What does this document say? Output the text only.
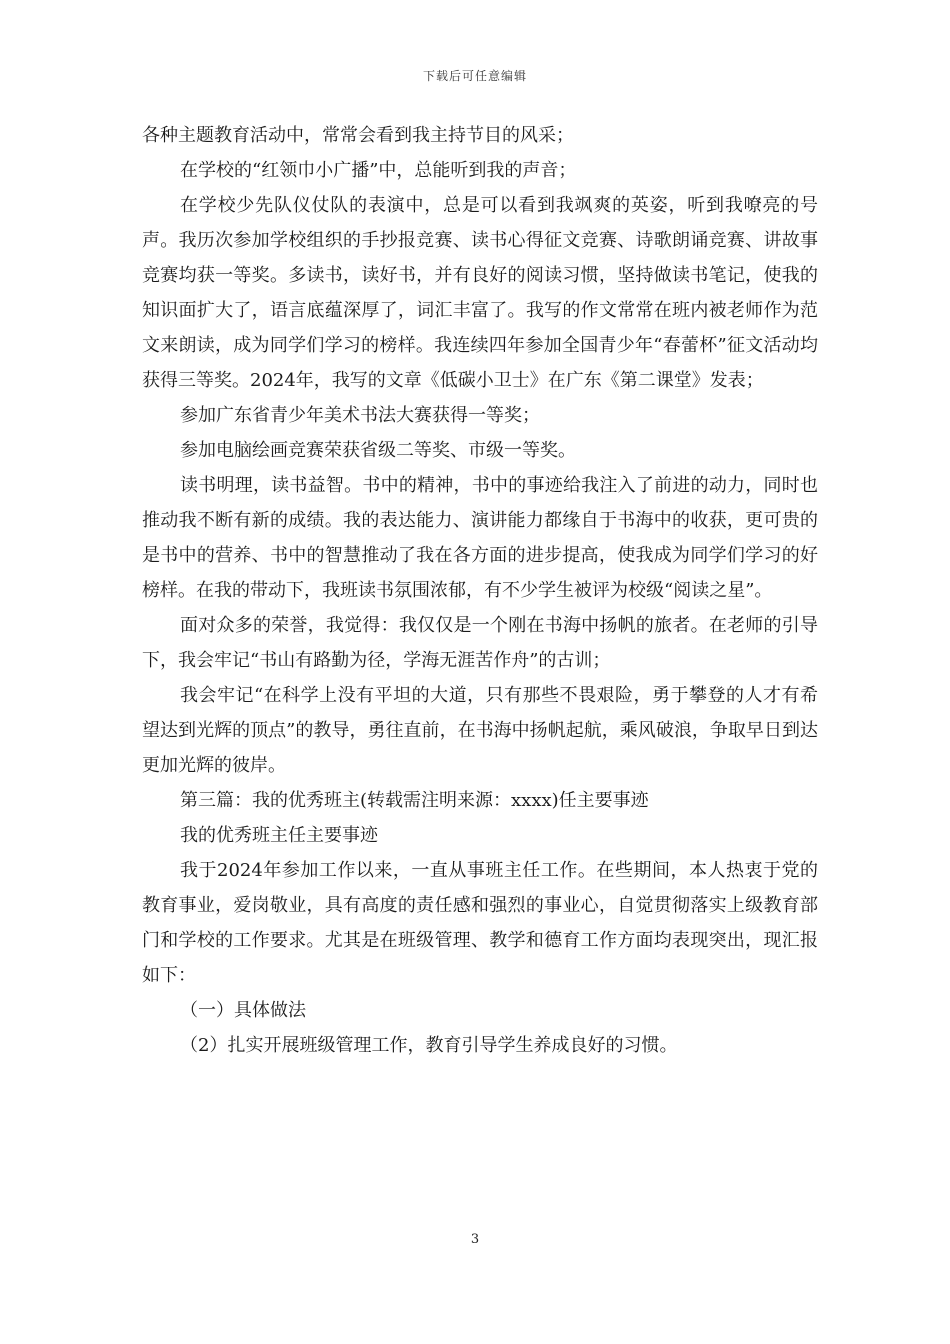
下载后可任意编辑

各种主题教育活动中，常常会看到我主持节目的风采；

在学校的“红领巾小广播”中，总能听到我的声音；

在学校少先队仪仗队的表演中，总是可以看到我飒爽的英姿，听到我嘹亮的号声。我历次参加学校组织的手抄报竞赛、读书心得征文竞赛、诗歌朗诵竞赛、讲故事竞赛均获一等奖。多读书，读好书，并有良好的阅读习惯，坚持做读书笔记，使我的知识面扩大了，语言底蕴深厚了，词汇丰富了。我写的作文常常在班内被老师作为范文来朗读，成为同学们学习的榜样。我连续四年参加全国青少年“春蕾杯”征文活动均获得三等奖。2024年，我写的文章《低碳小卫士》在广东《第二课堂》发表；

参加广东省青少年美术书法大赛获得一等奖；

参加电脑绘画竞赛荣获省级二等奖、市级一等奖。

读书明理，读书益智。书中的精神，书中的事迹给我注入了前进的动力，同时也推动我不断有新的成绩。我的表达能力、演讲能力都缘自于书海中的收获，更可贵的是书中的营养、书中的智慧推动了我在各方面的进步提高，使我成为同学们学习的好榜样。在我的带动下，我班读书氛围浓郁，有不少学生被评为校级“阅读之星”。

面对众多的荣誉，我觉得：我仅仅是一个刚在书海中扬帆的旅者。在老师的引导下，我会牢记“书山有路勤为径，学海无涯苦作舟”的古训；

我会牢记“在科学上没有平坦的大道，只有那些不畏艰险，勇于攀登的人才有希望达到光辉的顶点”的教导，勇往直前，在书海中扬帆起航，乘风破浪，争取早日到达更加光辉的彼岸。

第三篇：我的优秀班主(转载需注明来源：xxxx)任主要事迹

我的优秀班主任主要事迹

我于2024年参加工作以来，一直从事班主任工作。在些期间，本人热衷于党的教育事业，爱岗敬业，具有高度的责任感和强烈的事业心，自觉贯彻落实上级教育部门和学校的工作要求。尤其是在班级管理、教学和德育工作方面均表现突出，现汇报如下：

（一）具体做法

（2）扎实开展班级管理工作，教育引导学生养成良好的习惯。

3
